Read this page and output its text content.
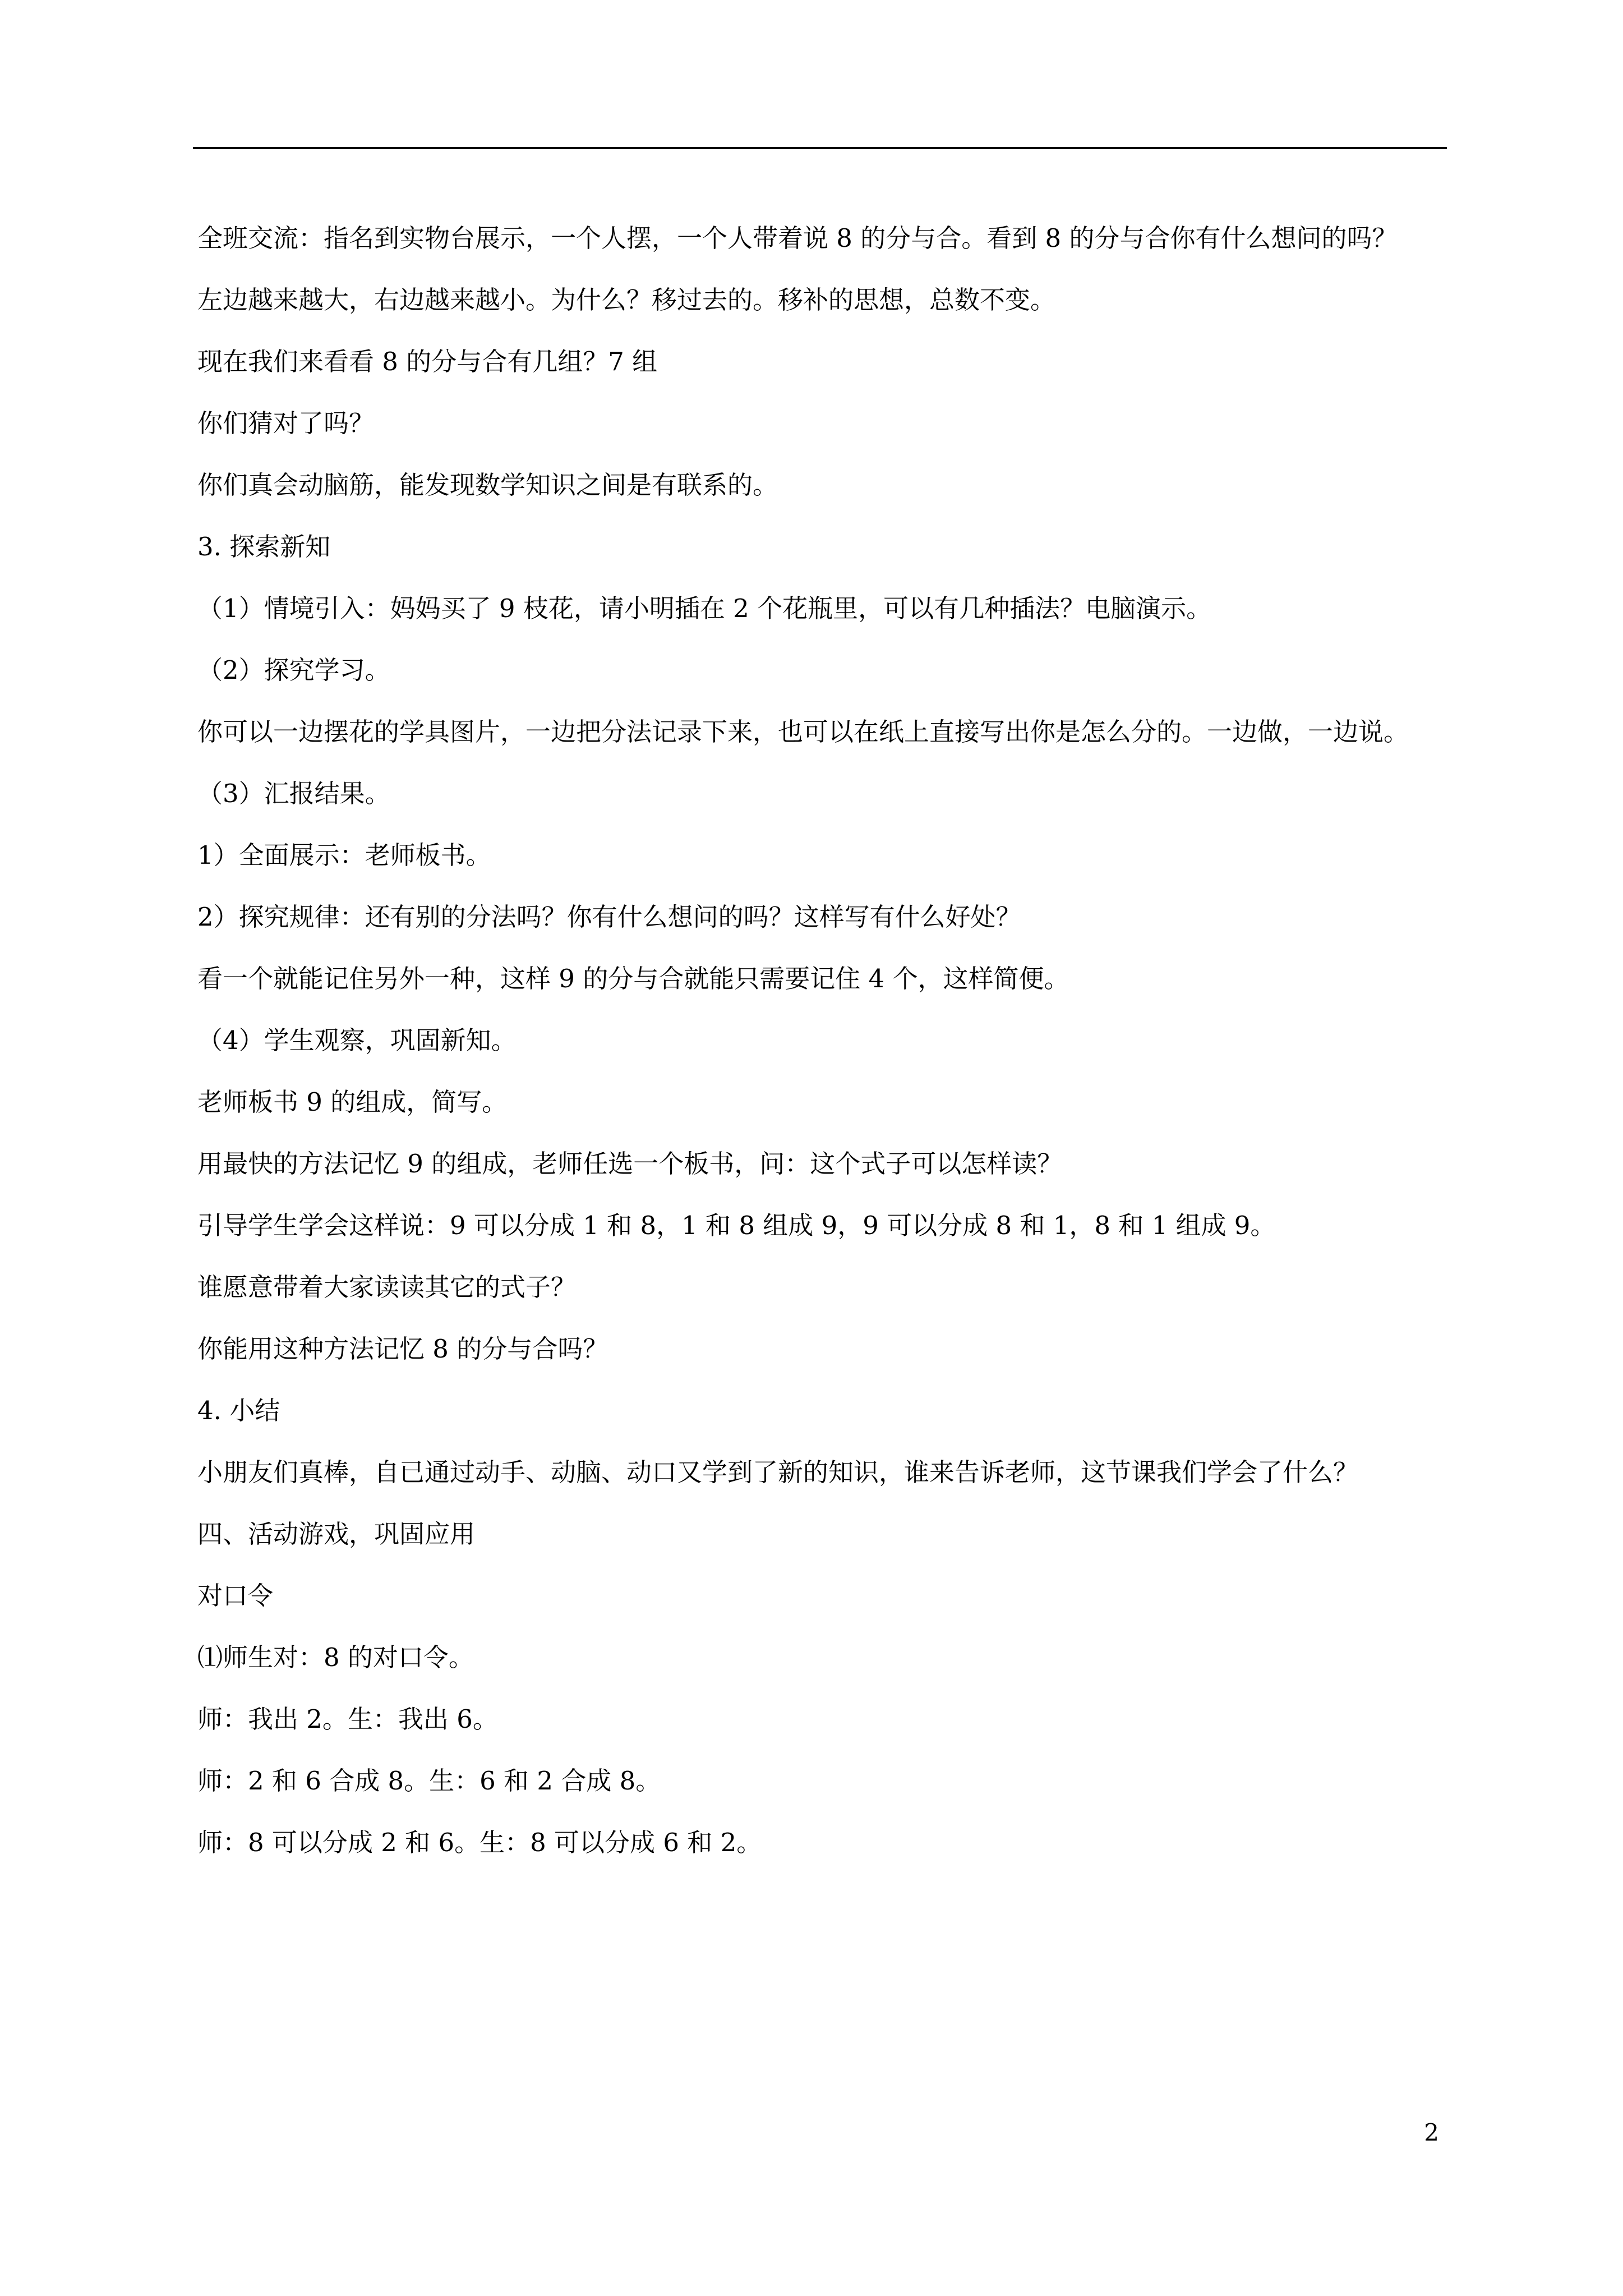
全班交流：指名到实物台展示，一个人摆，一个人带着说 8 的分与合。看到 8 的分与合你有什么想问的吗？

左边越来越大，右边越来越小。为什么？移过去的。移补的思想，总数不变。

现在我们来看看 8 的分与合有几组？7 组

你们猜对了吗？

你们真会动脑筋，能发现数学知识之间是有联系的。

3. 探索新知

（1）情境引入：妈妈买了 9 枝花，请小明插在 2 个花瓶里，可以有几种插法？电脑演示。

（2）探究学习。

你可以一边摆花的学具图片，一边把分法记录下来，也可以在纸上直接写出你是怎么分的。一边做，一边说。

（3）汇报结果。

1）全面展示：老师板书。

2）探究规律：还有别的分法吗？你有什么想问的吗？这样写有什么好处？

看一个就能记住另外一种，这样 9 的分与合就能只需要记住 4 个，这样简便。

（4）学生观察，巩固新知。

老师板书 9 的组成，简写。

用最快的方法记忆 9 的组成，老师任选一个板书，问：这个式子可以怎样读？

引导学生学会这样说：9 可以分成 1 和 8，1 和 8 组成 9，9 可以分成 8 和 1，8 和 1 组成 9。

谁愿意带着大家读读其它的式子？

你能用这种方法记忆 8 的分与合吗？

4. 小结

小朋友们真棒，自已通过动手、动脑、动口又学到了新的知识，谁来告诉老师，这节课我们学会了什么？

四、活动游戏，巩固应用

对口令

⑴师生对：8 的对口令。

师：我出 2。生：我出 6。

师：2 和 6 合成 8。生：6 和 2 合成 8。

师：8 可以分成 2 和 6。生：8 可以分成 6 和 2。

2
